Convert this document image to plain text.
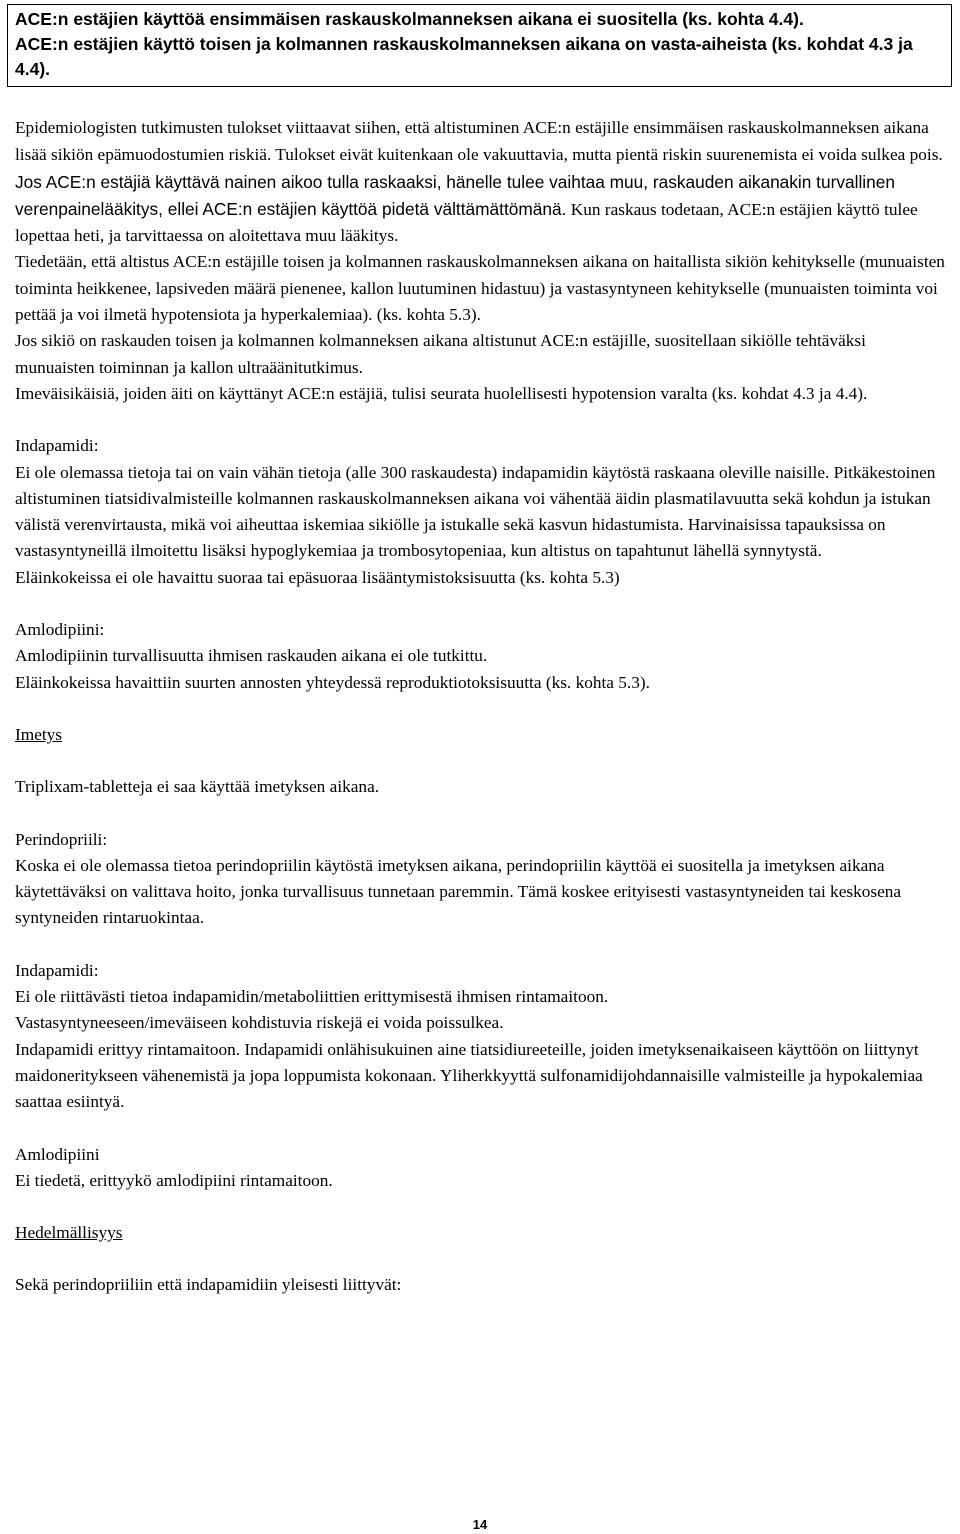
ACE:n estäjien käyttöä ensimmäisen raskauskolmanneksen aikana ei suositella (ks. kohta 4.4).

ACE:n estäjien käyttö toisen ja kolmannen raskauskolmanneksen aikana on vasta-aiheista (ks. kohdat 4.3 ja 4.4).

Epidemiologisten tutkimusten tulokset viittaavat siihen, että altistuminen ACE:n estäjille ensimmäisen raskauskolmanneksen aikana lisää sikiön epämuodostumien riskiä. Tulokset eivät kuitenkaan ole vakuuttavia, mutta pientä riskin suurenemista ei voida sulkea pois. Jos ACE:n estäjiä käyttävä nainen aikoo tulla raskaaksi, hänelle tulee vaihtaa muu, raskauden aikanakin turvallinen verenpainelääkitys, ellei ACE:n estäjien käyttöä pidetä välttämättömänä. Kun raskaus todetaan, ACE:n estäjien käyttö tulee lopettaa heti, ja tarvittaessa on aloitettava muu lääkitys.

Tiedetään, että altistus ACE:n estäjille toisen ja kolmannen raskauskolmanneksen aikana on haitallista sikiön kehitykselle (munuaisten toiminta heikkenee, lapsiveden määrä pienenee, kallon luutuminen hidastuu) ja vastasyntyneen kehitykselle (munuaisten toiminta voi pettää ja voi ilmetä hypotensiota ja hyperkalemiaa). (ks. kohta 5.3).

Jos sikiö on raskauden toisen ja kolmannen kolmanneksen aikana altistunut ACE:n estäjille, suositellaan sikiölle tehtäväksi munuaisten toiminnan ja kallon ultraäänitutkimus.

Imeväisikäisiä, joiden äiti on käyttänyt ACE:n estäjiä, tulisi seurata huolellisesti hypotension varalta (ks. kohdat 4.3 ja 4.4).

Indapamidi:

Ei ole olemassa tietoja tai on vain vähän tietoja (alle 300 raskaudesta) indapamidin käytöstä raskaana oleville naisille. Pitkäkestoinen altistuminen tiatsidivalmisteille kolmannen raskauskolmanneksen aikana voi vähentää äidin plasmatilavuutta sekä kohdun ja istukan välistä verenvirtausta, mikä voi aiheuttaa iskemiaa sikiölle ja istukalle sekä kasvun hidastumista. Harvinaisissa tapauksissa on vastasyntyneillä ilmoitettu lisäksi hypoglykemiaa ja trombosytopeniaa, kun altistus on tapahtunut lähellä synnytystä.

Eläinkokeissa ei ole havaittu suoraa tai epäsuoraa lisääntymistoksisuutta (ks. kohta 5.3)

Amlodipiini:

Amlodipiinin turvallisuutta ihmisen raskauden aikana ei ole tutkittu.

Eläinkokeissa havaittiin suurten annosten yhteydessä reproduktiotoksisuutta (ks. kohta 5.3).

Imetys

Triplixam-tabletteja ei saa käyttää imetyksen aikana.

Perindopriili:

Koska ei ole olemassa tietoa perindopriilin käytöstä imetyksen aikana, perindopriilin käyttöä ei suositella ja imetyksen aikana käytettäväksi on valittava hoito, jonka turvallisuus tunnetaan paremmin. Tämä koskee erityisesti vastasyntyneiden tai keskosena syntyneiden rintaruokintaa.

Indapamidi:

Ei ole riittävästi tietoa indapamidin/metaboliittien erittymisestä ihmisen rintamaitoon.

Vastasyntyneeseen/imeväiseen kohdistuvia riskejä ei voida poissulkea.

Indapamidi erittyy rintamaitoon. Indapamidi onlähisukuinen aine tiatsidiureeteille, joiden imetyksenaikaiseen käyttöön on liittynyt maidoneritykseen vähenemistä ja jopa loppumista kokonaan. Yliherkkyyttä sulfonamidijohdannaisille valmisteille ja hypokalemiaa saattaa esiintyä.

Amlodipiini

Ei tiedetä, erittyykö amlodipiini rintamaitoon.

Hedelmällisyys

Sekä perindopriiliin että indapamidiin yleisesti liittyvät:

14
